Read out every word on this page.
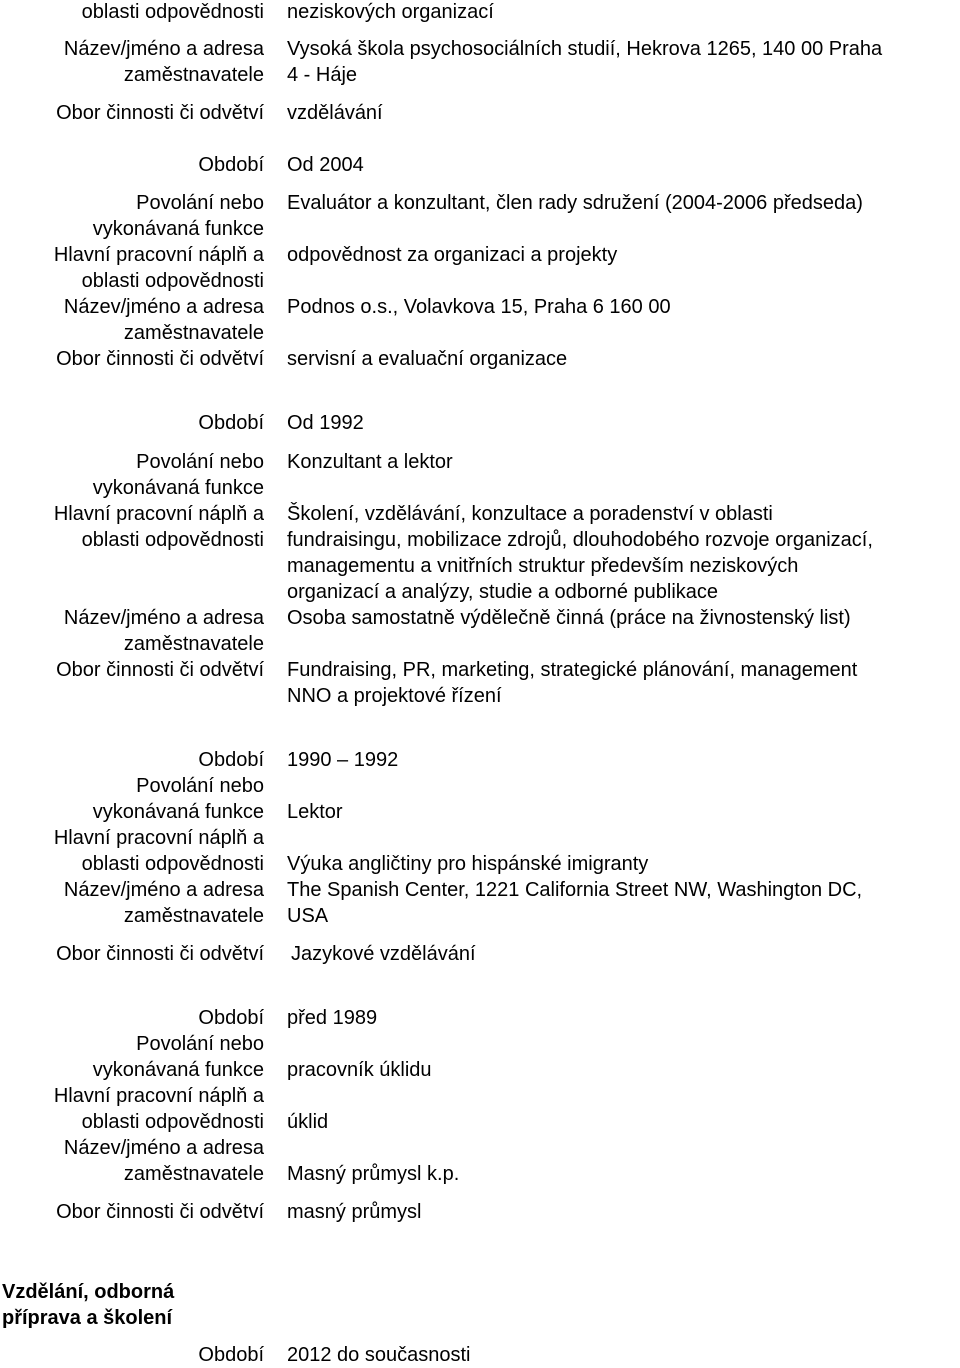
oblasti odpovědnosti neziskových organizací
Název/jméno a adresa
zaměstnavatele
Vysoká škola psychosociálních studií, Hekrova 1265, 140 00 Praha
4 - Háje
Obor činnosti či odvětví vzdělávání
Období Od 2004
Povolání nebo
vykonávaná funkce
Evaluátor a konzultant, člen rady sdružení (2004-2006 předseda)
Hlavní pracovní náplň a
oblasti odpovědnosti
odpovědnost za organizaci a projekty
Název/jméno a adresa
zaměstnavatele
Podnos o.s., Volavkova 15, Praha 6 160 00
Obor činnosti či odvětví servisní a evaluační organizace
Období Od 1992
Povolání nebo
vykonávaná funkce
Konzultant a lektor
Hlavní pracovní náplň a
oblasti odpovědnosti
Školení, vzdělávání, konzultace a poradenství v oblasti
fundraisingu, mobilizace zdrojů, dlouhodobého rozvoje organizací,
managementu a vnitřních struktur především neziskových
organizací a analýzy, studie a odborné publikace
Název/jméno a adresa
zaměstnavatele
Osoba samostatně výdělečně činná (práce na živnostenský list)
Obor činnosti či odvětví Fundraising, PR, marketing, strategické plánování, management
NNO a projektové řízení
Období 1990 – 1992
Povolání nebo
vykonávaná funkce Lektor
Hlavní pracovní náplň a
oblasti odpovědnosti Výuka angličtiny pro hispánské imigranty
Název/jméno a adresa
zaměstnavatele
The Spanish Center, 1221 California Street NW, Washington DC,
USA
Obor činnosti či odvětví Jazykové vzdělávání
Období před 1989
Povolání nebo
vykonávaná funkce pracovník úklidu
Hlavní pracovní náplň a
oblasti odpovědnosti úklid
Název/jméno a adresa
zaměstnavatele Masný průmysl k.p.
Obor činnosti či odvětví masný průmysl
Vzdělání, odborná
příprava a školení
Období 2012 do současnosti
